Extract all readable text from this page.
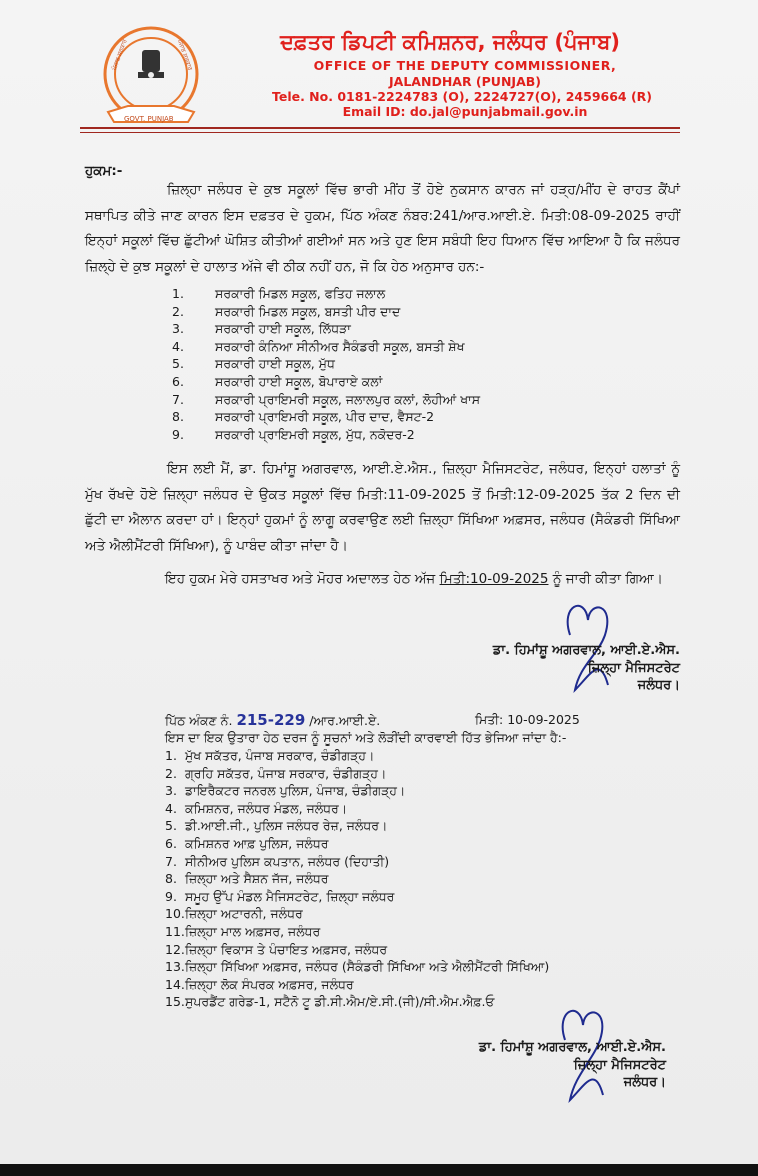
GOVT. PUNJAB
ਪੰਜਾਬ ਸਰਕਾਰ	ਪੰਜਾਬ ਸਰਕਾਰ	ਦਫ਼ਤਰ ਡਿਪਟੀ ਕਮਿਸ਼ਨਰ, ਜਲੰਧਰ (ਪੰਜਾਬ)
OFFICE OF THE DEPUTY COMMISSIONER,
JALANDHAR (PUNJAB)
Tele. No. 0181-2224783 (O), 2224727(O), 2459664 (R)
Email ID: do.jal@punjabmail.gov.in
ਹੁਕਮ:-
ਜ਼ਿਲ੍ਹਾ ਜਲੰਧਰ ਦੇ ਕੁਝ ਸਕੂਲਾਂ ਵਿੱਚ ਭਾਰੀ ਮੀਂਹ ਤੋਂ ਹੋਏ ਨੁਕਸਾਨ ਕਾਰਨ ਜਾਂ ਹੜ੍ਹ/ਮੀਂਹ ਦੇ ਰਾਹਤ ਕੈਂਪਾਂ ਸਥਾਪਿਤ ਕੀਤੇ ਜਾਣ ਕਾਰਨ ਇਸ ਦਫ਼ਤਰ ਦੇ ਹੁਕਮ, ਪਿੱਠ ਅੰਕਣ ਨੰਬਰ:241/ਆਰ.ਆਈ.ਏ. ਮਿਤੀ:08-09-2025 ਰਾਹੀਂ ਇਨ੍ਹਾਂ ਸਕੂਲਾਂ ਵਿੱਚ ਛੁੱਟੀਆਂ ਘੋਸ਼ਿਤ ਕੀਤੀਆਂ ਗਈਆਂ ਸਨ ਅਤੇ ਹੁਣ ਇਸ ਸਬੰਧੀ ਇਹ ਧਿਆਨ ਵਿੱਚ ਆਇਆ ਹੈ ਕਿ ਜਲੰਧਰ ਜ਼ਿਲ੍ਹੇ ਦੇ ਕੁਝ ਸਕੂਲਾਂ ਦੇ ਹਾਲਾਤ ਅੱਜੇ ਵੀ ਠੀਕ ਨਹੀਂ ਹਨ, ਜੋ ਕਿ ਹੇਠ ਅਨੁਸਾਰ ਹਨ:-
1. ਸਰਕਾਰੀ ਮਿਡਲ ਸਕੂਲ, ਫਤਿਹ ਜਲਾਲ
2. ਸਰਕਾਰੀ ਮਿਡਲ ਸਕੂਲ, ਬਸਤੀ ਪੀਰ ਦਾਦ
3. ਸਰਕਾਰੀ ਹਾਈ ਸਕੂਲ, ਲਿੱਧੜਾ
4. ਸਰਕਾਰੀ ਕੰਨਿਆ ਸੀਨੀਅਰ ਸੈਕੰਡਰੀ ਸਕੂਲ, ਬਸਤੀ ਸ਼ੇਖ
5. ਸਰਕਾਰੀ ਹਾਈ ਸਕੂਲ, ਮੁੱਧ
6. ਸਰਕਾਰੀ ਹਾਈ ਸਕੂਲ, ਬੋਪਾਰਾਏ ਕਲਾਂ
7. ਸਰਕਾਰੀ ਪ੍ਰਾਇਮਰੀ ਸਕੂਲ, ਜਲਾਲਪੁਰ ਕਲਾਂ, ਲੋਹੀਆਂ ਖਾਸ
8. ਸਰਕਾਰੀ ਪ੍ਰਾਇਮਰੀ ਸਕੂਲ, ਪੀਰ ਦਾਦ, ਵੈਸਟ-2
9. ਸਰਕਾਰੀ ਪ੍ਰਾਇਮਰੀ ਸਕੂਲ, ਮੁੱਧ, ਨਕੋਦਰ-2
ਇਸ ਲਈ ਮੈਂ, ਡਾ. ਹਿਮਾਂਸ਼ੂ ਅਗਰਵਾਲ, ਆਈ.ਏ.ਐਸ., ਜ਼ਿਲ੍ਹਾ ਮੈਜਿਸਟਰੇਟ, ਜਲੰਧਰ, ਇਨ੍ਹਾਂ ਹਲਾਤਾਂ ਨੂੰ ਮੁੱਖ ਰੱਖਦੇ ਹੋਏ ਜ਼ਿਲ੍ਹਾ ਜਲੰਧਰ ਦੇ ਉਕਤ ਸਕੂਲਾਂ ਵਿੱਚ ਮਿਤੀ:11-09-2025 ਤੋਂ ਮਿਤੀ:12-09-2025 ਤੱਕ 2 ਦਿਨ ਦੀ ਛੁੱਟੀ ਦਾ ਐਲਾਨ ਕਰਦਾ ਹਾਂ। ਇਨ੍ਹਾਂ ਹੁਕਮਾਂ ਨੂੰ ਲਾਗੂ ਕਰਵਾਉਣ ਲਈ ਜ਼ਿਲ੍ਹਾ ਸਿੱਖਿਆ ਅਫ਼ਸਰ, ਜਲੰਧਰ (ਸੈਕੰਡਰੀ ਸਿੱਖਿਆ ਅਤੇ ਐਲੀਮੈਂਟਰੀ ਸਿੱਖਿਆ), ਨੂੰ ਪਾਬੰਦ ਕੀਤਾ ਜਾਂਦਾ ਹੈ।
ਇਹ ਹੁਕਮ ਮੇਰੇ ਹਸਤਾਖਰ ਅਤੇ ਮੋਹਰ ਅਦਾਲਤ ਹੇਠ ਅੱਜ ਮਿਤੀ:10-09-2025 ਨੂੰ ਜਾਰੀ ਕੀਤਾ ਗਿਆ।
ਡਾ. ਹਿਮਾਂਸ਼ੂ ਅਗਰਵਾਲ, ਆਈ.ਏ.ਐਸ.
ਜ਼ਿਲ੍ਹਾ ਮੈਜਿਸਟਰੇਟ
ਜਲੰਧਰ।
ਪਿੱਠ ਅੰਕਣ ਨੰ. 215-229 /ਆਰ.ਆਈ.ਏ.	ਮਿਤੀ: 10-09-2025
ਇਸ ਦਾ ਇਕ ਉਤਾਰਾ ਹੇਠ ਦਰਜ ਨੂੰ ਸੂਚਨਾਂ ਅਤੇ ਲੋੜੀਂਦੀ ਕਾਰਵਾਈ ਹਿੱਤ ਭੇਜਿਆ ਜਾਂਦਾ ਹੈ:-
1. ਮੁੱਖ ਸਕੱਤਰ, ਪੰਜਾਬ ਸਰਕਾਰ, ਚੰਡੀਗੜ੍ਹ।
2. ਗ੍ਰਹਿ ਸਕੱਤਰ, ਪੰਜਾਬ ਸਰਕਾਰ, ਚੰਡੀਗੜ੍ਹ।
3. ਡਾਇਰੈਕਟਰ ਜਨਰਲ ਪੁਲਿਸ, ਪੰਜਾਬ, ਚੰਡੀਗੜ੍ਹ।
4. ਕਮਿਸ਼ਨਰ, ਜਲੰਧਰ ਮੰਡਲ, ਜਲੰਧਰ।
5. ਡੀ.ਆਈ.ਜੀ., ਪੁਲਿਸ ਜਲੰਧਰ ਰੇਜ਼, ਜਲੰਧਰ।
6. ਕਮਿਸ਼ਨਰ ਆਫ਼ ਪੁਲਿਸ, ਜਲੰਧਰ
7. ਸੀਨੀਅਰ ਪੁਲਿਸ ਕਪਤਾਨ, ਜਲੰਧਰ (ਦਿਹਾਤੀ)
8. ਜ਼ਿਲ੍ਹਾ ਅਤੇ ਸੈਸ਼ਨ ਜੱਜ, ਜਲੰਧਰ
9. ਸਮੂਹ ਉੱਪ ਮੰਡਲ ਮੈਜਿਸਟਰੇਟ, ਜ਼ਿਲ੍ਹਾ ਜਲੰਧਰ
10.ਜ਼ਿਲ੍ਹਾ ਅਟਾਰਨੀ, ਜਲੰਧਰ
11.ਜ਼ਿਲ੍ਹਾ ਮਾਲ ਅਫ਼ਸਰ, ਜਲੰਧਰ
12.ਜ਼ਿਲ੍ਹਾ ਵਿਕਾਸ ਤੇ ਪੰਚਾਇਤ ਅਫ਼ਸਰ, ਜਲੰਧਰ
13.ਜ਼ਿਲ੍ਹਾ ਸਿੱਖਿਆ ਅਫ਼ਸਰ, ਜਲੰਧਰ (ਸੈਕੰਡਰੀ ਸਿੱਖਿਆ ਅਤੇ ਐਲੀਮੈਂਟਰੀ ਸਿੱਖਿਆ)
14.ਜ਼ਿਲ੍ਹਾ ਲੋਕ ਸੰਪਰਕ ਅਫ਼ਸਰ, ਜਲੰਧਰ
15.ਸੁਪਰਡੈਂਟ ਗਰੇਡ-1, ਸਟੈਨੋ ਟੂ ਡੀ.ਸੀ.ਐਮ/ਏ.ਸੀ.(ਜੀ)/ਸੀ.ਐਮ.ਐਫ਼.ਓ
ਡਾ. ਹਿਮਾਂਸ਼ੂ ਅਗਰਵਾਲ, ਆਈ.ਏ.ਐਸ.
ਜ਼ਿਲ੍ਹਾ ਮੈਜਿਸਟਰੇਟ
ਜਲੰਧਰ।
